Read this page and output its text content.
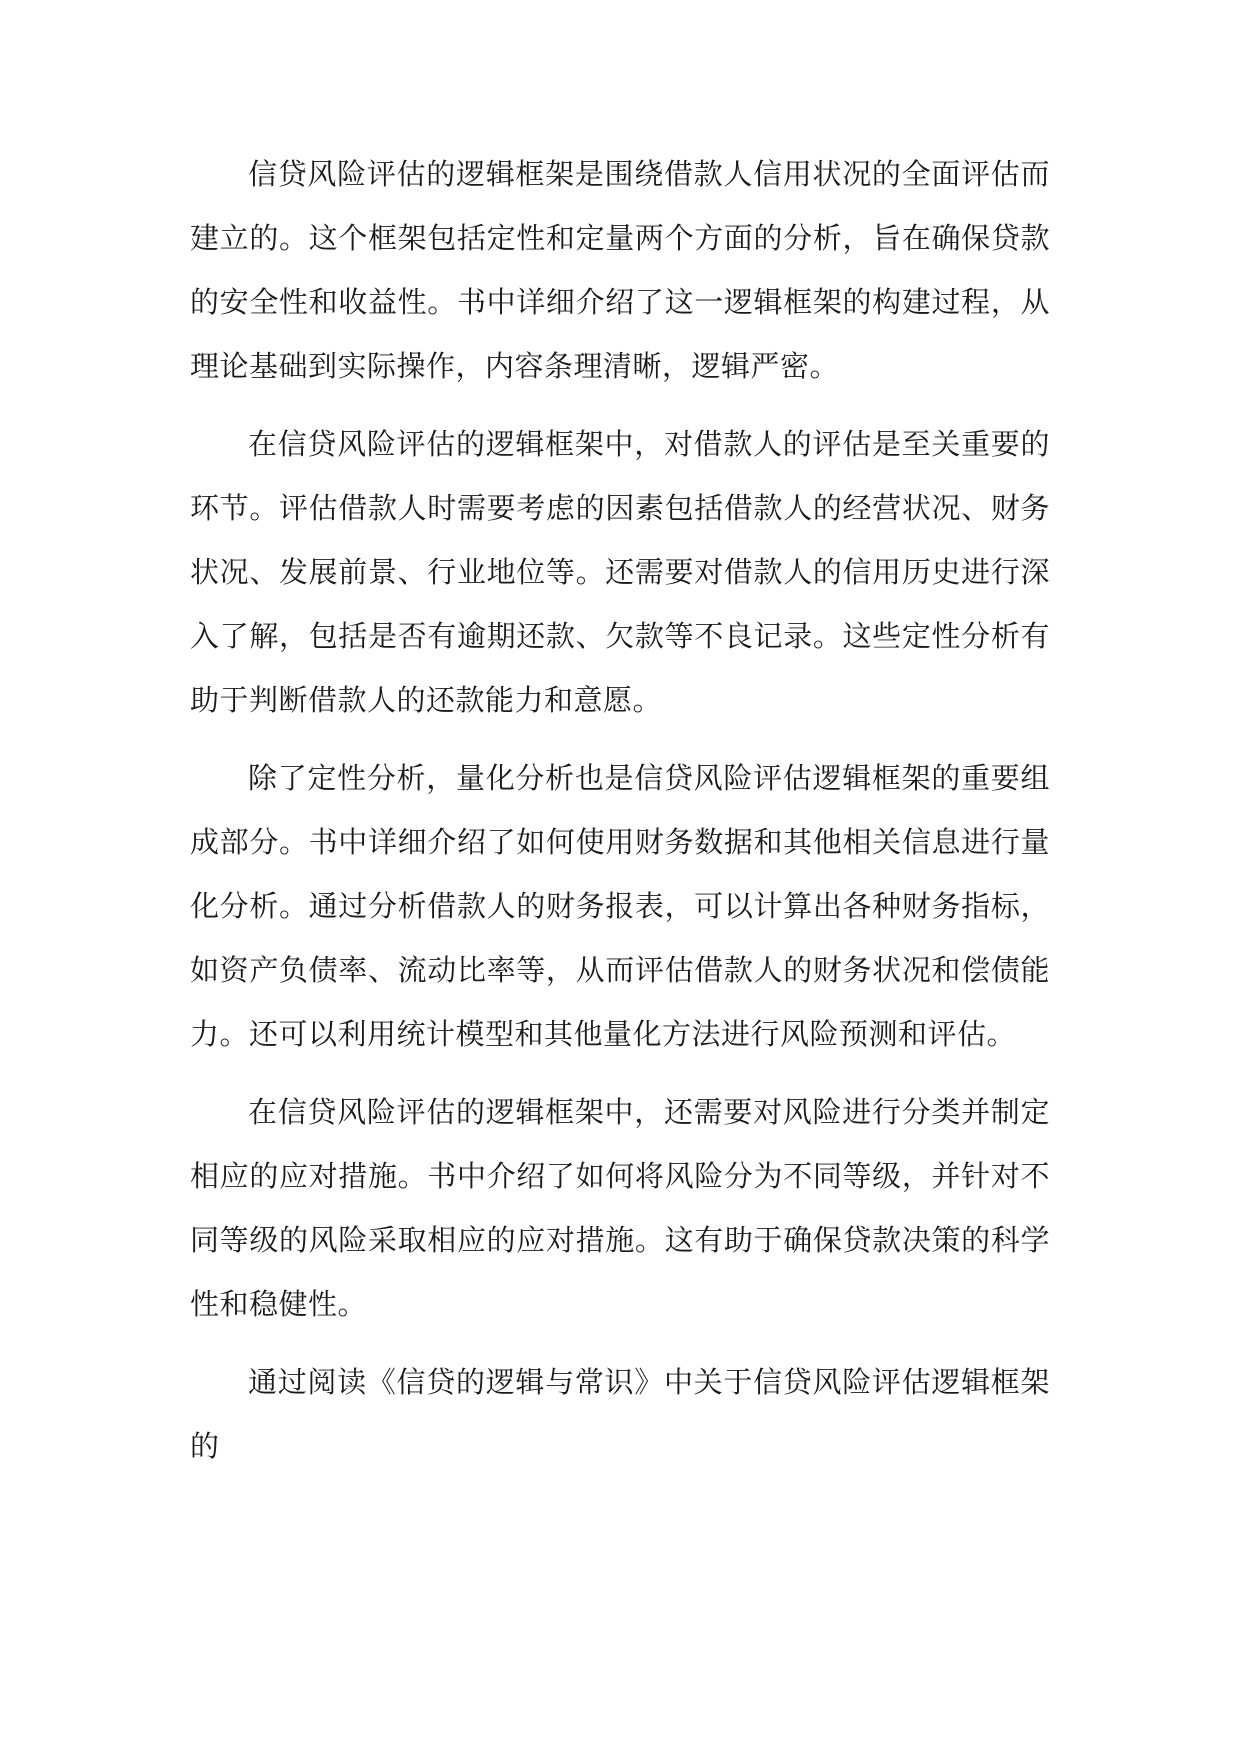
信贷风险评估的逻辑框架是围绕借款人信用状况的全面评估而建立的。这个框架包括定性和定量两个方面的分析，旨在确保贷款的安全性和收益性。书中详细介绍了这一逻辑框架的构建过程，从理论基础到实际操作，内容条理清晰，逻辑严密。

在信贷风险评估的逻辑框架中，对借款人的评估是至关重要的环节。评估借款人时需要考虑的因素包括借款人的经营状况、财务状况、发展前景、行业地位等。还需要对借款人的信用历史进行深入了解，包括是否有逾期还款、欠款等不良记录。这些定性分析有助于判断借款人的还款能力和意愿。

除了定性分析，量化分析也是信贷风险评估逻辑框架的重要组成部分。书中详细介绍了如何使用财务数据和其他相关信息进行量化分析。通过分析借款人的财务报表，可以计算出各种财务指标，如资产负债率、流动比率等，从而评估借款人的财务状况和偿债能力。还可以利用统计模型和其他量化方法进行风险预测和评估。

在信贷风险评估的逻辑框架中，还需要对风险进行分类并制定相应的应对措施。书中介绍了如何将风险分为不同等级，并针对不同等级的风险采取相应的应对措施。这有助于确保贷款决策的科学性和稳健性。

通过阅读《信贷的逻辑与常识》中关于信贷风险评估逻辑框架的
